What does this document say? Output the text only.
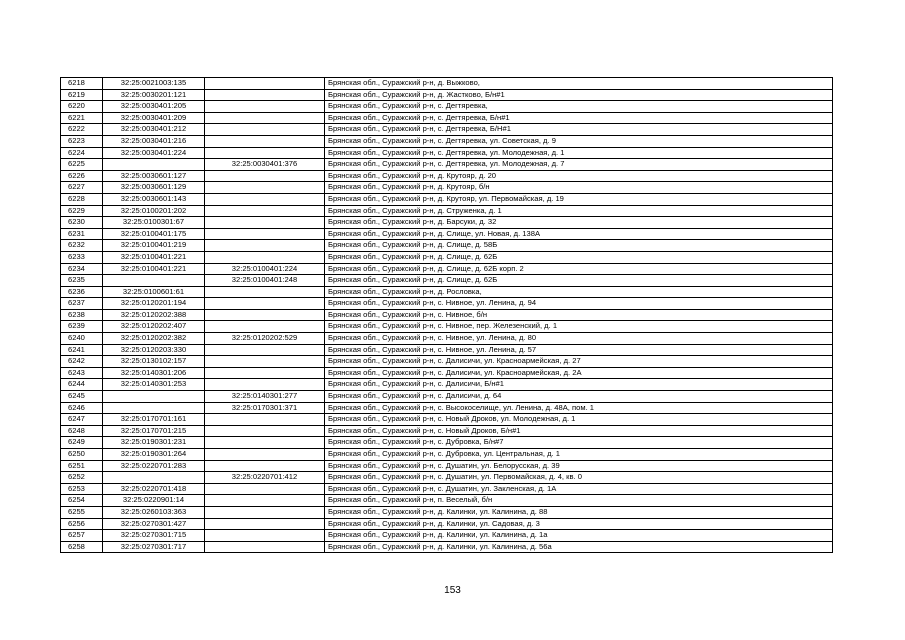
6218	32:25:0021003:135		Брянская обл., Суражский р-н, д. Выжково,
6219	32:25:0030201:121		Брянская обл., Суражский р-н, д. Жастково, Б/н#1
6220	32:25:0030401:205		Брянская обл., Суражский р-н, с. Дегтяревка,
6221	32:25:0030401:209		Брянская обл., Суражский р-н, с. Дегтяревка, Б/н#1
6222	32:25:0030401:212		Брянская обл., Суражский р-н, с. Дегтяревка, Б/Н#1
6223	32:25:0030401:216		Брянская обл., Суражский р-н, с. Дегтяревка, ул. Советская, д. 9
6224	32:25:0030401:224		Брянская обл., Суражский р-н, с. Дегтяревка, ул. Молодежная, д. 1
6225		32:25:0030401:376	Брянская обл., Суражский р-н, с. Дегтяревка, ул. Молодежная, д. 7
6226	32:25:0030601:127		Брянская обл., Суражский р-н, д. Крутояр, д. 20
6227	32:25:0030601:129		Брянская обл., Суражский р-н, д. Крутояр, б/н
6228	32:25:0030601:143		Брянская обл., Суражский р-н, д. Крутояр, ул. Первомайская, д. 19
6229	32:25:0100201:202		Брянская обл., Суражский р-н, д. Струженка, д. 1
6230	32:25:0100301:67		Брянская обл., Суражский р-н, д. Барсуки, д. 32
6231	32:25:0100401:175		Брянская обл., Суражский р-н, д. Слище, ул. Новая, д. 138А
6232	32:25:0100401:219		Брянская обл., Суражский р-н, д. Слище, д. 58Б
6233	32:25:0100401:221		Брянская обл., Суражский р-н, д. Слище, д. 62Б
6234	32:25:0100401:221	32:25:0100401:224	Брянская обл., Суражский р-н, д. Слище, д. 62Б корп. 2
6235		32:25:0100401:248	Брянская обл., Суражский р-н, д. Слище, д. 62Б
6236	32:25:0100601:61		Брянская обл., Суражский р-н, д. Рословка,
6237	32:25:0120201:194		Брянская обл., Суражский р-н, с. Нивное, ул. Ленина, д. 94
6238	32:25:0120202:388		Брянская обл., Суражский р-н, с. Нивное, б/н
6239	32:25:0120202:407		Брянская обл., Суражский р-н, с. Нивное, пер. Железенский, д. 1
6240	32:25:0120202:382	32:25:0120202:529	Брянская обл., Суражский р-н, с. Нивное, ул. Ленина, д. 80
6241	32:25:0120203:330		Брянская обл., Суражский р-н, с. Нивное, ул. Ленина, д. 57
6242	32:25:0130102:157		Брянская обл., Суражский р-н, с. Далисичи, ул. Красноармейская, д. 27
6243	32:25:0140301:206		Брянская обл., Суражский р-н, с. Далисичи, ул. Красноармейская, д. 2А
6244	32:25:0140301:253		Брянская обл., Суражский р-н, с. Далисичи, Б/н#1
6245		32:25:0140301:277	Брянская обл., Суражский р-н, с. Далисичи, д. 64
6246		32:25:0170301:371	Брянская обл., Суражский р-н, с. Высокоселище, ул. Ленина, д. 48А, пом. 1
6247	32:25:0170701:161		Брянская обл., Суражский р-н, с. Новый Дроков, ул. Молодежная, д. 1
6248	32:25:0170701:215		Брянская обл., Суражский р-н, с. Новый Дроков, Б/н#1
6249	32:25:0190301:231		Брянская обл., Суражский р-н, с. Дубровка, Б/н#7
6250	32:25:0190301:264		Брянская обл., Суражский р-н, с. Дубровка, ул. Центральная, д. 1
6251	32:25:0220701:283		Брянская обл., Суражский р-н, с. Душатин, ул. Белорусская, д. 39
6252		32:25:0220701:412	Брянская обл., Суражский р-н, с. Душатин, ул. Первомайская, д. 4, кв. 0
6253	32:25:0220701:418		Брянская обл., Суражский р-н, с. Душатин, ул. Закленская, д. 1А
6254	32:25:0220901:14		Брянская обл., Суражский р-н, п. Веселый, б/н
6255	32:25:0260103:363		Брянская обл., Суражский р-н, д. Калинки, ул. Калинина, д. 88
6256	32:25:0270301:427		Брянская обл., Суражский р-н, д. Калинки, ул. Садовая, д. 3
6257	32:25:0270301:715		Брянская обл., Суражский р-н, д. Калинки, ул. Калинина, д. 1а
6258	32:25:0270301:717		Брянская обл., Суражский р-н, д. Калинки, ул. Калинина, д. 56а
153
